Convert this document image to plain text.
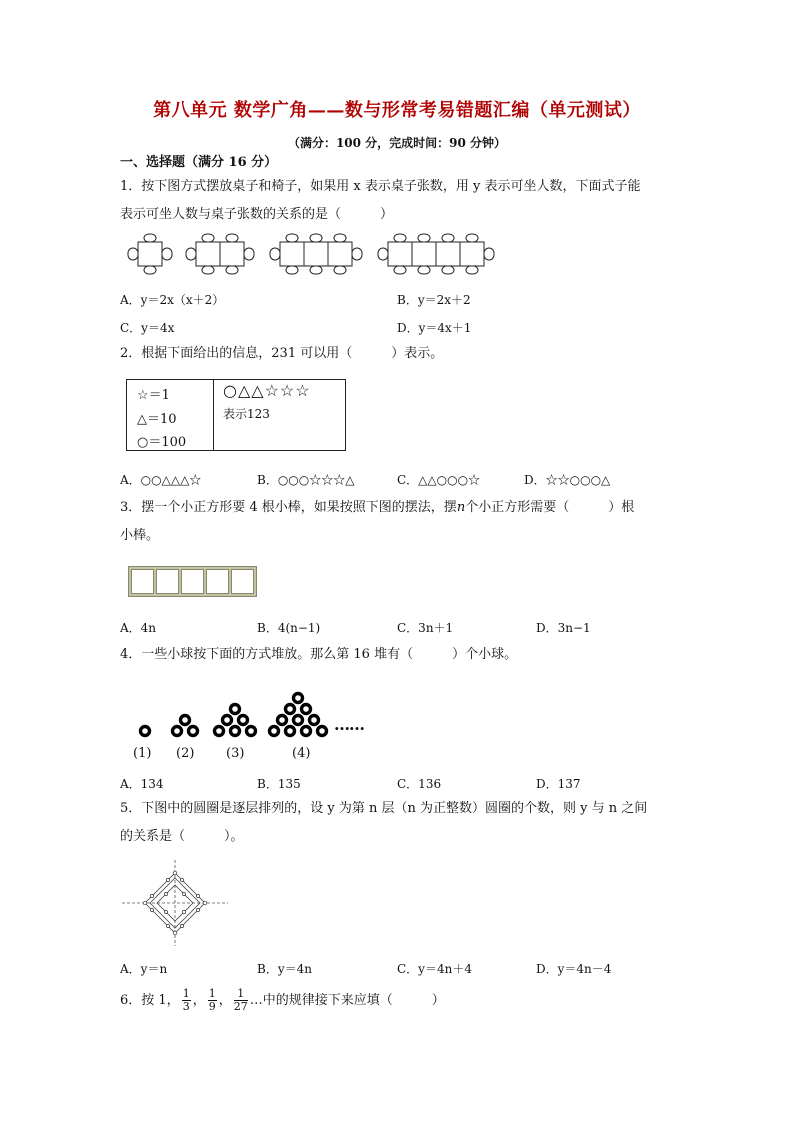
第八单元 数学广角——数与形常考易错题汇编（单元测试）
（满分：100 分，完成时间：90 分钟）
一、选择题（满分 16 分）
1．按下图方式摆放桌子和椅子，如果用 x 表示桌子张数，用 y 表示可坐人数，下面式子能
表示可坐人数与桌子张数的关系的是（　　　）
A．y＝2x（x＋2）	B．y＝2x＋2
C．y＝4x	D．y＝4x＋1
2．根据下面给出的信息，231 可以用（　　　）表示。
☆＝1
△＝10
○＝100
○△△☆☆☆
表示123
A．○○△△△☆	B．○○○☆☆☆△	C．△△○○○☆	D．☆☆○○○△
3．摆一个小正方形要 4 根小棒，如果按照下图的摆法，摆n个小正方形需要（　　　）根
小棒。
A．4n	B．4(n−1)	C．3n＋1	D．3n−1
4．一些小球按下面的方式堆放。那么第 16 堆有（　　　）个小球。
……
(1) (2) (3)	(4)
A．134	B．135	C．136	D．137
5．下图中的圆圈是逐层排列的，设 y 为第 n 层（n 为正整数）圆圈的个数，则 y 与 n 之间
的关系是（　　　）。
A．y＝n	B．y＝4n	C．y＝4n＋4	D．y＝4n－4
6．按 1， $\frac{1}{3}$ ， $\frac{1}{9}$ ， $\frac{1}{27}$ …中的规律接下来应填（　　　）
